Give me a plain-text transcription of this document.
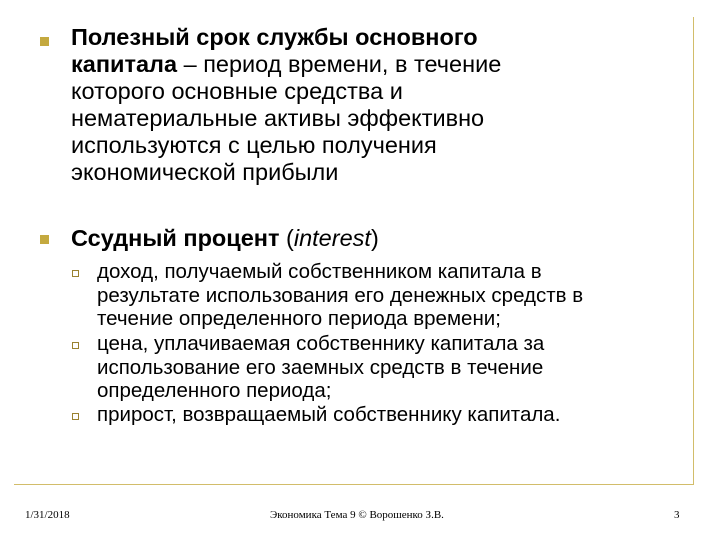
Полезный срок службы основного
капитала – период времени, в течение
которого основные средства и
нематериальные активы эффективно
используются с целью получения
экономической прибыли
Ссудный процент (interest)
доход, получаемый собственником капитала в
результате использования его денежных средств в
течение определенного периода времени;
цена, уплачиваемая собственнику капитала за
использование его заемных средств в течение
определенного периода;
прирост, возвращаемый собственнику капитала.
1/31/2018	Экономика Тема 9 © Ворошенко З.В.	3
